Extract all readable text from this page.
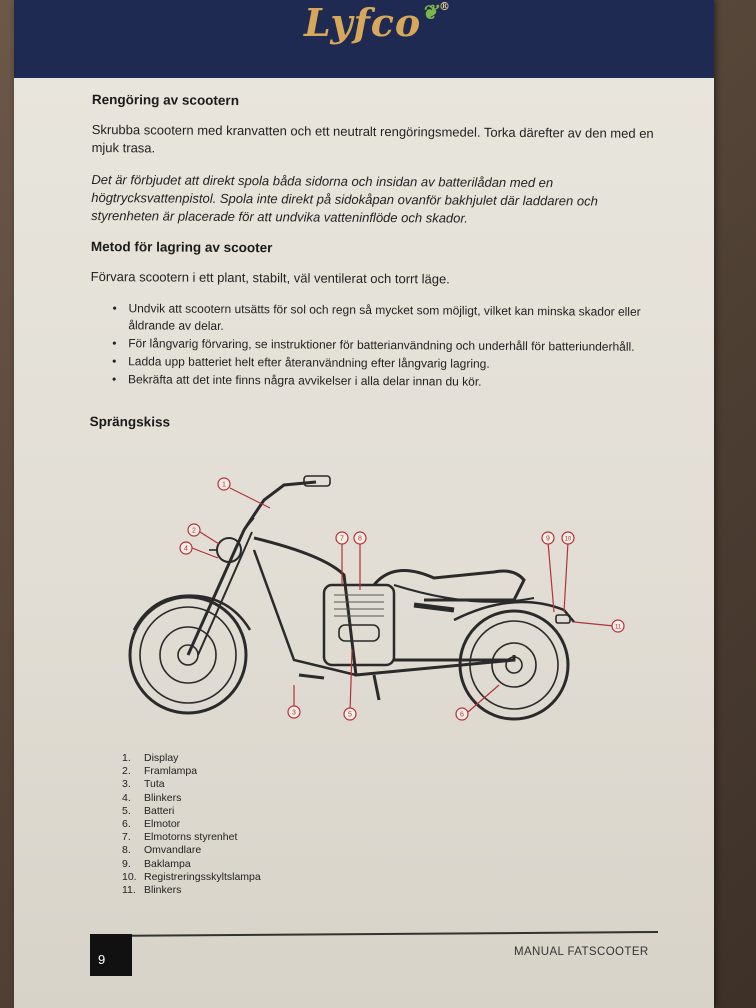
Lyfco❦®
Rengöring av scootern

Skrubba scootern med kranvatten och ett neutralt rengöringsmedel. Torka därefter av den med en mjuk trasa.

Det är förbjudet att direkt spola båda sidorna och insidan av batterilådan med en högtrycksvattenpistol. Spola inte direkt på sidokåpan ovanför bakhjulet där laddaren och styrenheten är placerade för att undvika vatteninflöde och skador.

Metod för lagring av scooter

Förvara scootern i ett plant, stabilt, väl ventilerat och torrt läge.

• Undvik att scootern utsätts för sol och regn så mycket som möjligt, vilket kan minska skador eller åldrande av delar.
• För långvarig förvaring, se instruktioner för batterianvändning och underhåll för batteriunderhåll.
• Ladda upp batteriet helt efter återanvändning efter långvarig lagring.
• Bekräfta att det inte finns några avvikelser i alla delar innan du kör.
Sprängskiss
1
2
3
4
5	6
7 8	9 10
11
1.	Display
2.	Framlampa
3.	Tuta
4.	Blinkers
5.	Batteri
6.	Elmotor
7.	Elmotorns styrenhet
8.	Omvandlare
9.	Baklampa
10. Registreringsskyltslampa
11. Blinkers
9	MANUAL FATSCOOTER
